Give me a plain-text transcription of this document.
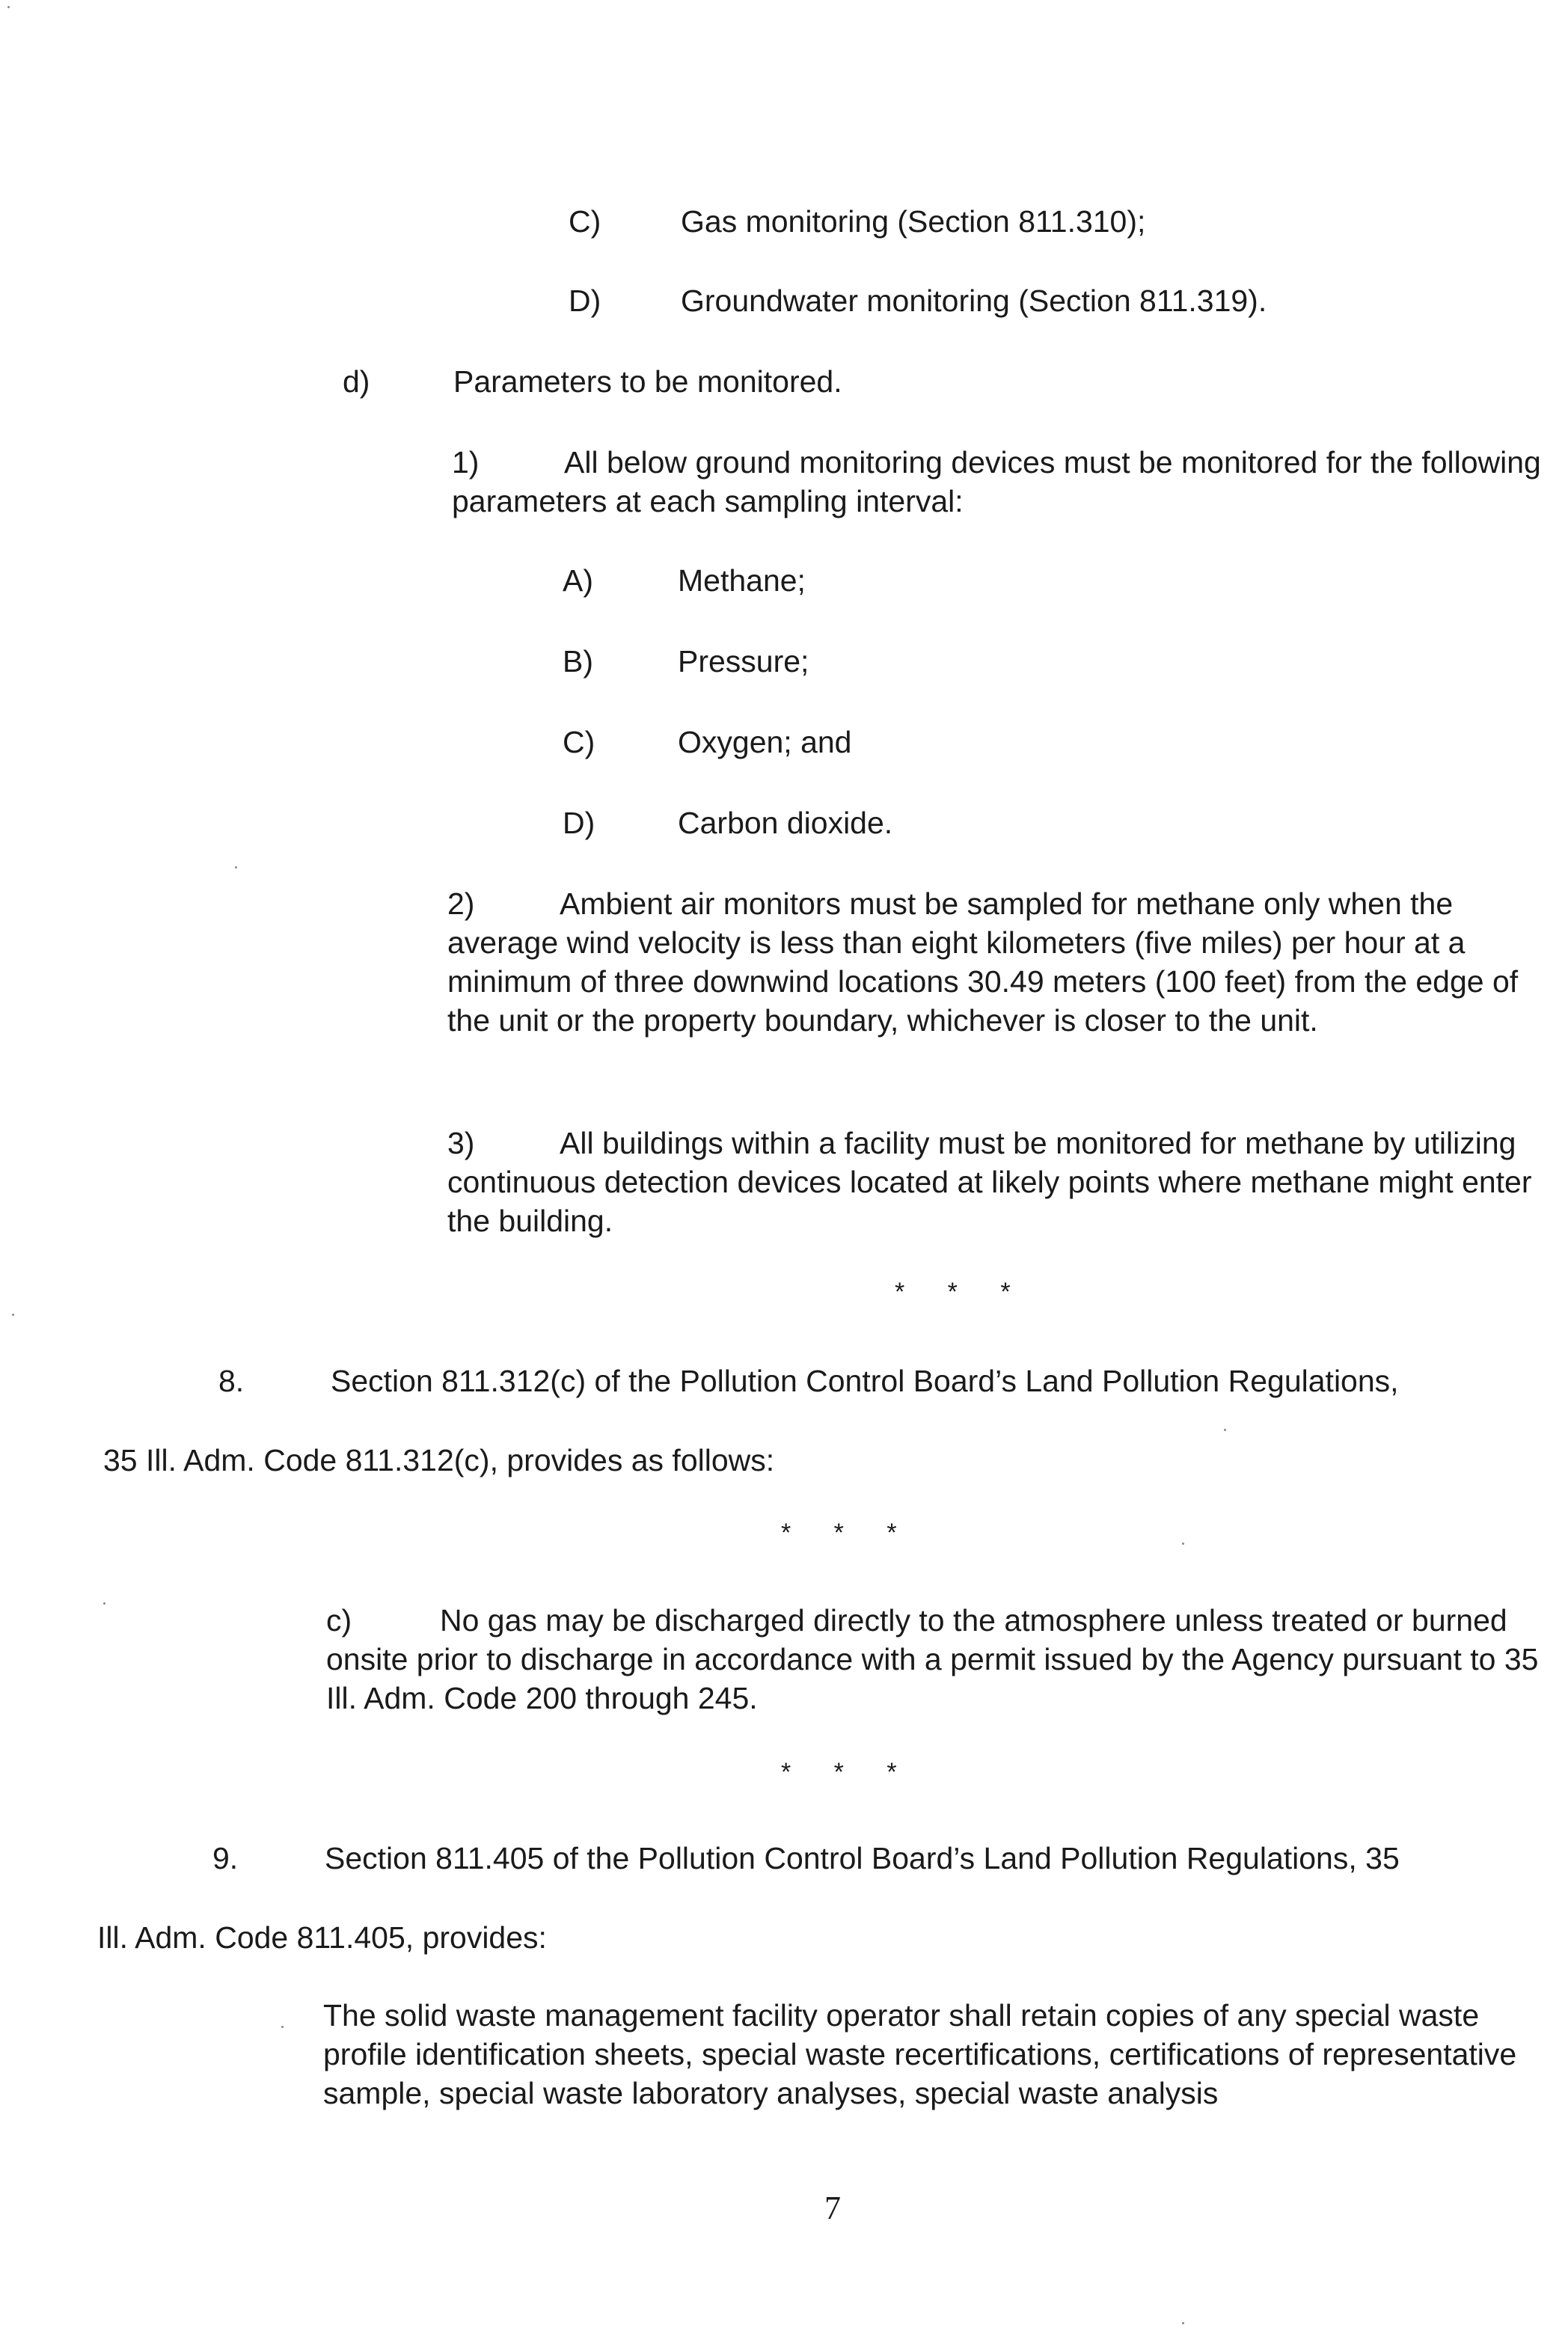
C)	Gas monitoring (Section 811.310);
D)	Groundwater monitoring (Section 811.319).
d)	Parameters to be monitored.
1)	All below ground monitoring devices must be monitored for the following parameters at each sampling interval:
A)	Methane;
B)	Pressure;
C)	Oxygen; and
D)	Carbon dioxide.
2)	Ambient air monitors must be sampled for methane only when the average wind velocity is less than eight kilometers (five miles) per hour at a minimum of three downwind locations 30.49 meters (100 feet) from the edge of the unit or the property boundary, whichever is closer to the unit.
3)	All buildings within a facility must be monitored for methane by utilizing continuous detection devices located at likely points where methane might enter the building.
* * *
8.	Section 811.312(c) of the Pollution Control Board’s Land Pollution Regulations,
35 Ill. Adm. Code 811.312(c), provides as follows:
* * *
c)	No gas may be discharged directly to the atmosphere unless treated or burned onsite prior to discharge in accordance with a permit issued by the Agency pursuant to 35 Ill. Adm. Code 200 through 245.
* * *
9.	Section 811.405 of the Pollution Control Board’s Land Pollution Regulations, 35
Ill. Adm. Code 811.405, provides:
The solid waste management facility operator shall retain copies of any special waste profile identification sheets, special waste recertifications, certifications of representative sample, special waste laboratory analyses, special waste analysis
7
